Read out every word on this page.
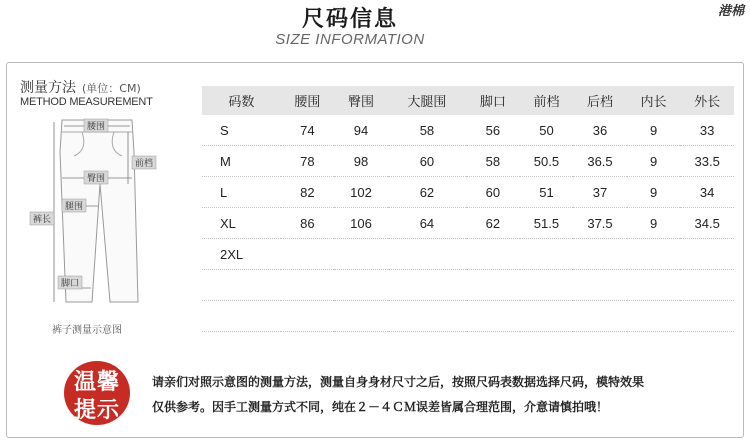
尺码信息
SIZE INFORMATION
港棉
测量方法 (单位：CM)
METHOD MEASUREMENT
腰围
前档
臀围
腿围
裤长
脚口
裤子测量示意图
码数	腰围	臀围	大腿围	脚口	前档	后档	内长	外长
S	74	94	58	56	50	36	9	33
M	78	98	60	58	50.5	36.5	9	33.5
L	82	102	62	60	51	37	9	34
XL	86	106	64	62	51.5	37.5	9	34.5
2XL								

温馨
提示
请亲们对照示意图的测量方法，测量自身身材尺寸之后，按照尺码表数据选择尺码，模特效果
仅供参考。因手工测量方式不同，纯在２－４ＣＭ误差皆属合理范围，介意请慎拍哦！
